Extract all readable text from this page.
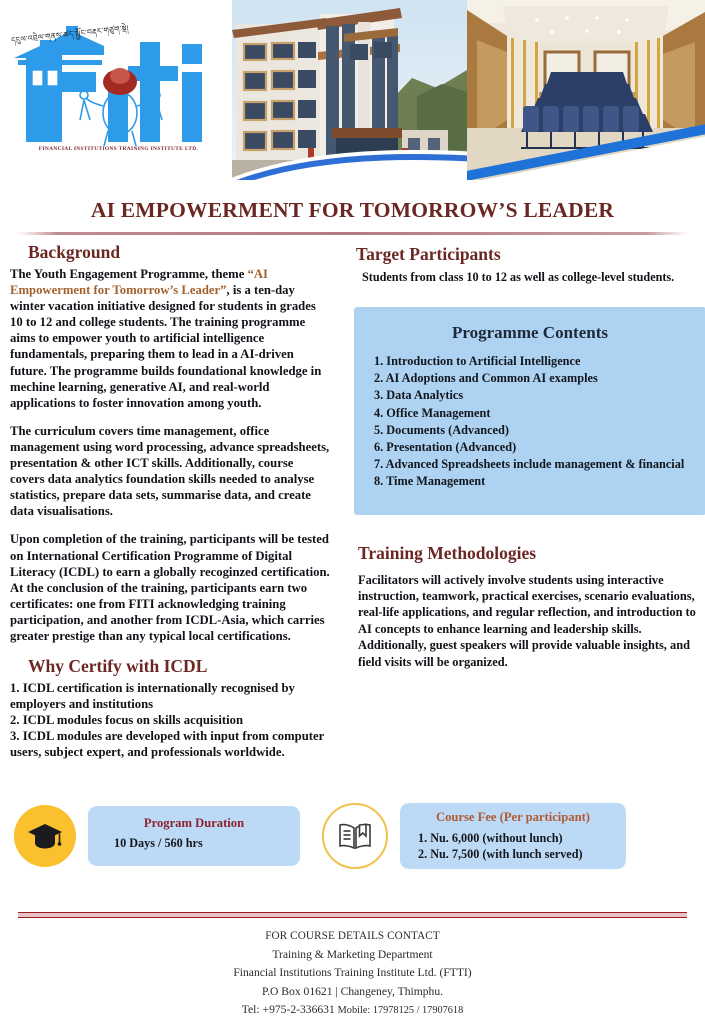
དངུལ་འབྲེལ་གནས་ཚད་སྦྱོང་བརྡར་གཙུག་སྡེ།
FINANCIAL INSTITUTIONS TRAINING INSTITUTE LTD.
AI EMPOWERMENT FOR TOMORROW’S LEADER
Background

The Youth Engagement Programme, theme “AI Empowerment for Tomorrow’s Leader”, is a ten-day winter vacation initiative designed for students in grades 10 to 12 and college students. The training programme aims to empower youth to artificial intelligence fundamentals, preparing them to lead in a AI-driven future. The programme builds foundational knowledge in mechine learning, generative AI, and real-world applications to foster innovation among youth.

The curriculum covers time management, office management using word processing, advance spreadsheets, presentation & other ICT skills. Additionally, course covers data analytics foundation skills needed to analyse statistics, prepare data sets, summarise data, and create data visualisations.

Upon completion of the training, participants will be tested on International Certification Programme of Digital Literacy (ICDL) to earn a globally recoginzed certification. At the conclusion of the training, participants earn two certificates: one from FITI acknowledging training participation, and another from ICDL-Asia, which carries greater prestige than any typical local certifications.

Why Certify with ICDL
1. ICDL certification is internationally recognised by employers and institutions
2. ICDL modules focus on skills acquisition
3. ICDL modules are developed with input from computer users, subject expert, and professionals worldwide.
Target Participants
Students from class 10 to 12 as well as college-level students.
Programme Contents
1. Introduction to Artificial Intelligence
2. AI Adoptions and Common AI examples
3. Data Analytics
4. Office Management
5. Documents (Advanced)
6. Presentation (Advanced)
7. Advanced Spreadsheets include management & financial
8. Time Management
Training Methodologies
Facilitators will actively involve students using interactive instruction, teamwork, practical exercises, scenario evaluations, real-life applications, and regular reflection, and introduction to AI concepts to enhance learning and leadership skills. Additionally, guest speakers will provide valuable insights, and field visits will be organized.
Program Duration
10 Days / 560 hrs
Course Fee (Per participant)
1. Nu. 6,000 (without lunch)
2. Nu. 7,500 (with lunch served)
FOR COURSE DETAILS CONTACT
Training & Marketing Department
Financial Institutions Training Institute Ltd. (FTTI)
P.O Box 01621 | Changeney, Thimphu.
Tel: +975-2-336631 Mobile: 17978125 / 17907618
